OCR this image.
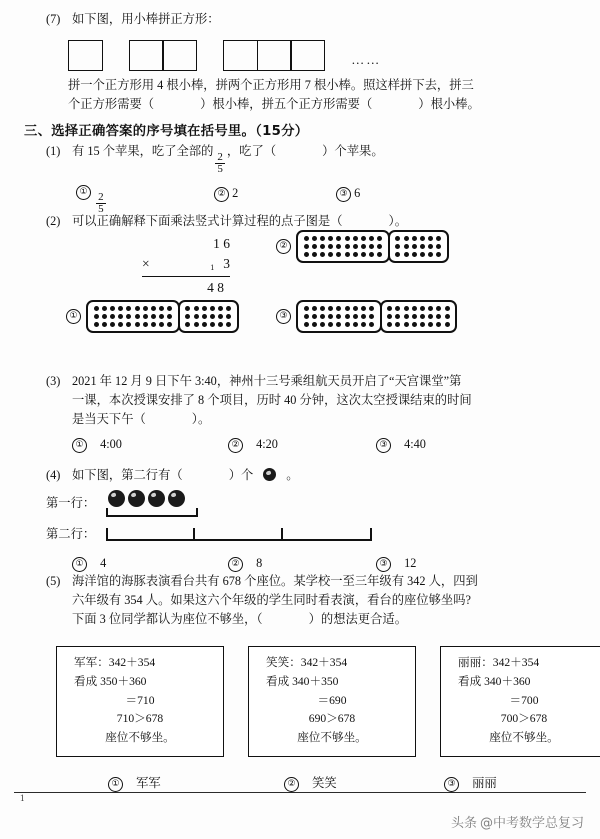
(7) 如下图，用小棒拼正方形：
……
拼一个正方形用 4 根小棒，拼两个正方形用 7 根小棒。照这样拼下去，拼三
个正方形需要（	）根小棒，拼五个正方形需要（	）根小棒。
三、选择正确答案的序号填在括号里。（15分）
(1) 有 15 个苹果，吃了全部的
$\frac{2}{5}$
，吃了（	）个苹果。
① $\frac{2}{5}$	② 2	③ 6
(2) 可以正确解释下面乘法竖式计算过程的点子图是（	）。
1 6
×	1 3
4 8
②
①	③
(3) 2021 年 12 月 9 日下午 3:40，神州十三号乘组航天员开启了“天宫课堂”第
一课，本次授课安排了 8 个项目，历时 40 分钟，这次太空授课结束的时间
是当天下午（	）。
① 4:00	② 4:20	③ 4:40
(4) 如下图，第二行有（	）个	。
第一行：
第二行：
① 4	② 8	③ 12
(5) 海洋馆的海豚表演看台共有 678 个座位。某学校一至三年级有 342 人，四到
六年级有 354 人。如果这六个年级的学生同时看表演，看台的座位够坐吗?
下面 3 位同学都认为座位不够坐，（	）的想法更合适。
军军：342＋354
看成 350＋360
＝710
710＞678
座位不够坐。
笑笑：342＋354
看成 340＋350
＝690
690＞678
座位不够坐。
丽丽：342＋354
看成 340＋360
＝700
700＞678
座位不够坐。
① 军军	② 笑笑	③ 丽丽
1
头条 @中考数学总复习
